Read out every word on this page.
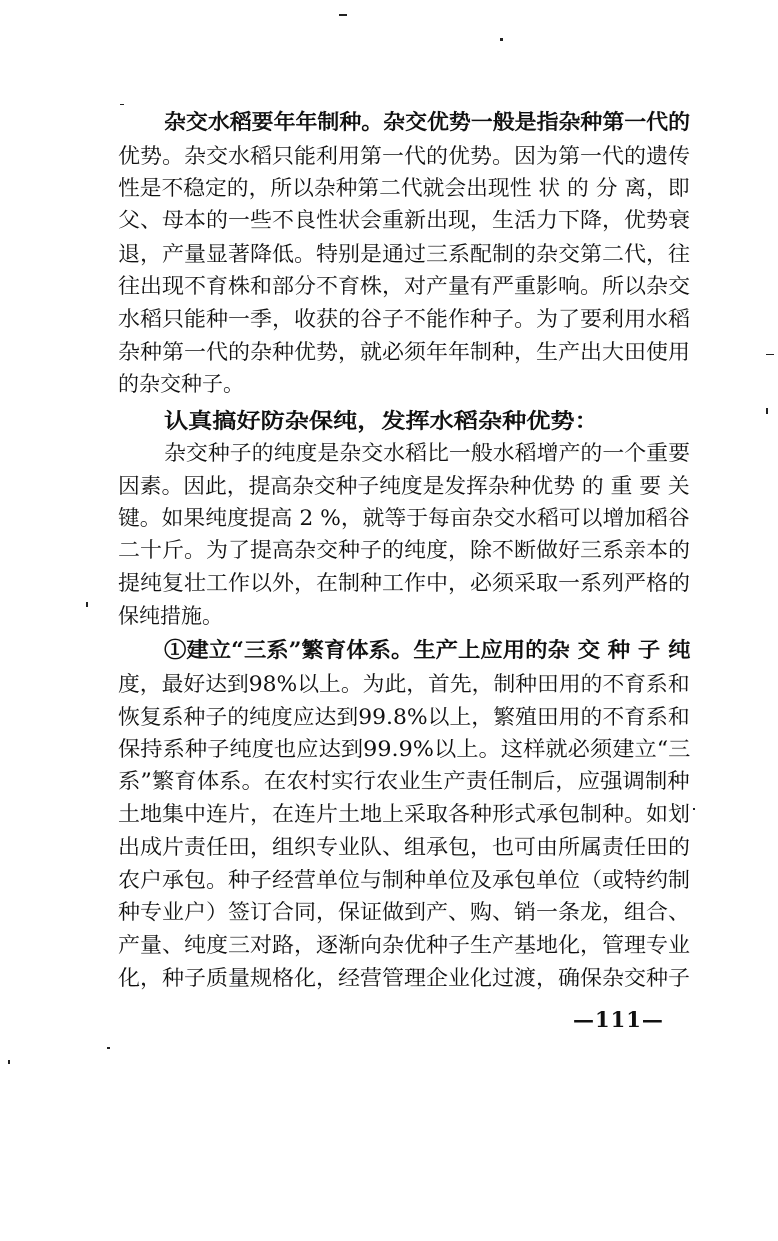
杂交水稻要年年制种。杂交优势一般是指杂种第一代的
优势。杂交水稻只能利用第一代的优势。因为第一代的遗传
性是不稳定的，所以杂种第二代就会出现性 状 的 分 离，即
父、母本的一些不良性状会重新出现，生活力下降，优势衰
退，产量显著降低。特别是通过三系配制的杂交第二代，往
往出现不育株和部分不育株，对产量有严重影响。所以杂交
水稻只能种一季，收获的谷子不能作种子。为了要利用水稻
杂种第一代的杂种优势，就必须年年制种，生产出大田使用
的杂交种子。
认真搞好防杂保纯，发挥水稻杂种优势：
杂交种子的纯度是杂交水稻比一般水稻增产的一个重要
因素。因此，提高杂交种子纯度是发挥杂种优势 的 重 要 关
键。如果纯度提高 2 %，就等于每亩杂交水稻可以增加稻谷
二十斤。为了提高杂交种子的纯度，除不断做好三系亲本的
提纯复壮工作以外，在制种工作中，必须采取一系列严格的
保纯措施。
①建立“三系”繁育体系。生产上应用的杂 交 种 子 纯
度，最好达到98%以上。为此，首先，制种田用的不育系和
恢复系种子的纯度应达到99.8%以上，繁殖田用的不育系和
保持系种子纯度也应达到99.9%以上。这样就必须建立“三
系”繁育体系。在农村实行农业生产责任制后，应强调制种
土地集中连片，在连片土地上采取各种形式承包制种。如划
出成片责任田，组织专业队、组承包，也可由所属责任田的
农户承包。种子经营单位与制种单位及承包单位（或特约制
种专业户）签订合同，保证做到产、购、销一条龙，组合、
产量、纯度三对路，逐渐向杂优种子生产基地化，管理专业
化，种子质量规格化，经营管理企业化过渡，确保杂交种子
—111—
